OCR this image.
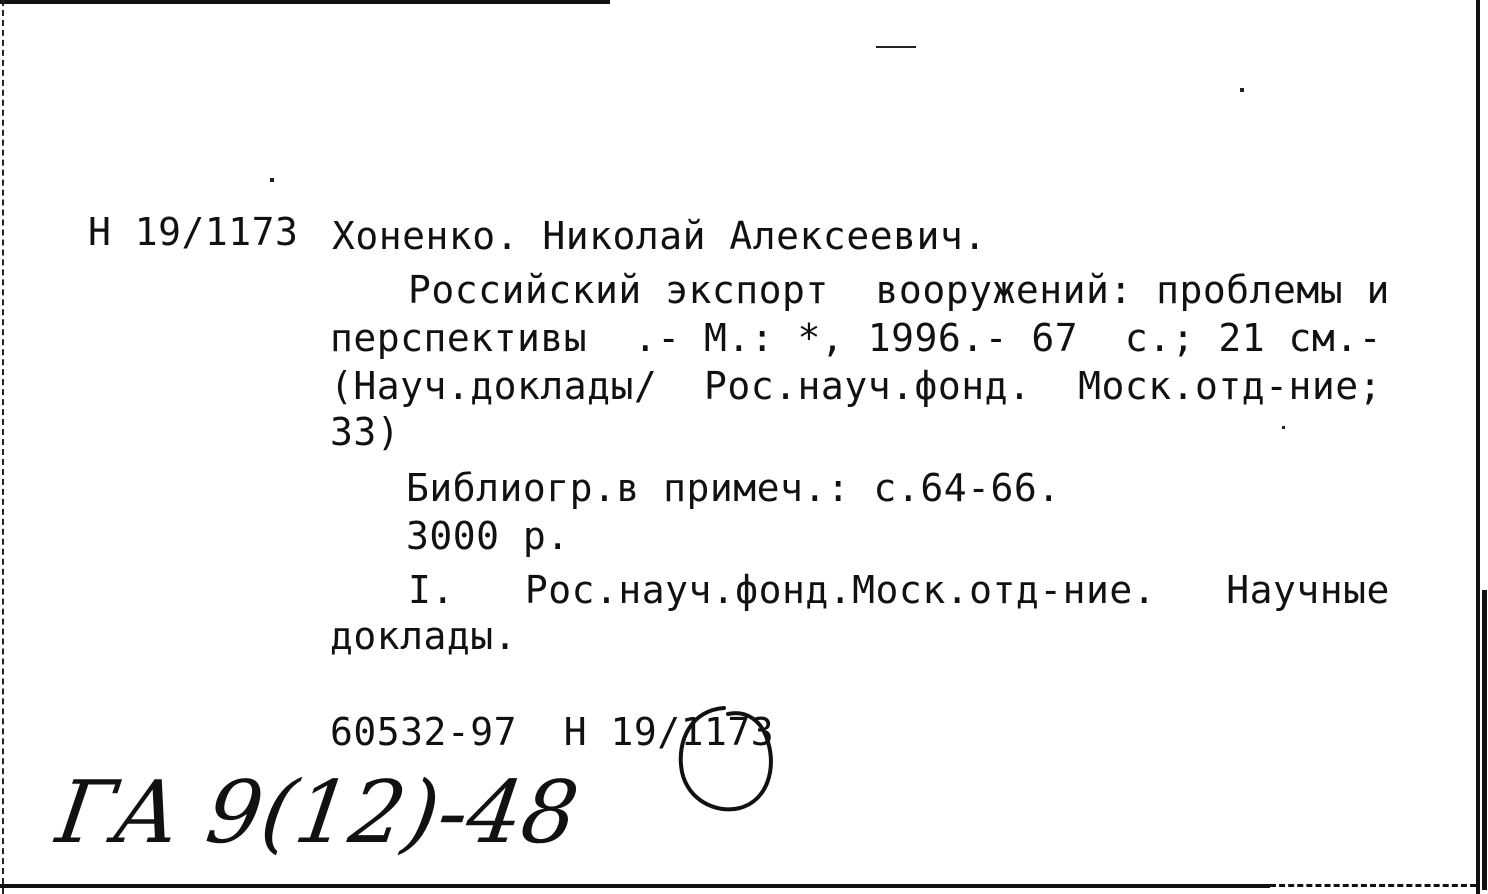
Н 19/1173 Хоненко. Николай Алексеевич.
Российский экспорт  вооружений: проблемы и
перспективы  .- М.: *, 1996.- 67  с.; 21 см.-
(Науч.доклады/  Рос.науч.фонд.  Моск.отд-ние;
33)
Библиогр.в примеч.: с.64-66.
3000 р.
I.   Рос.науч.фонд.Моск.отд-ние.   Научные
доклады.
60532-97  Н 19/1173
ГА 9(12)-48
